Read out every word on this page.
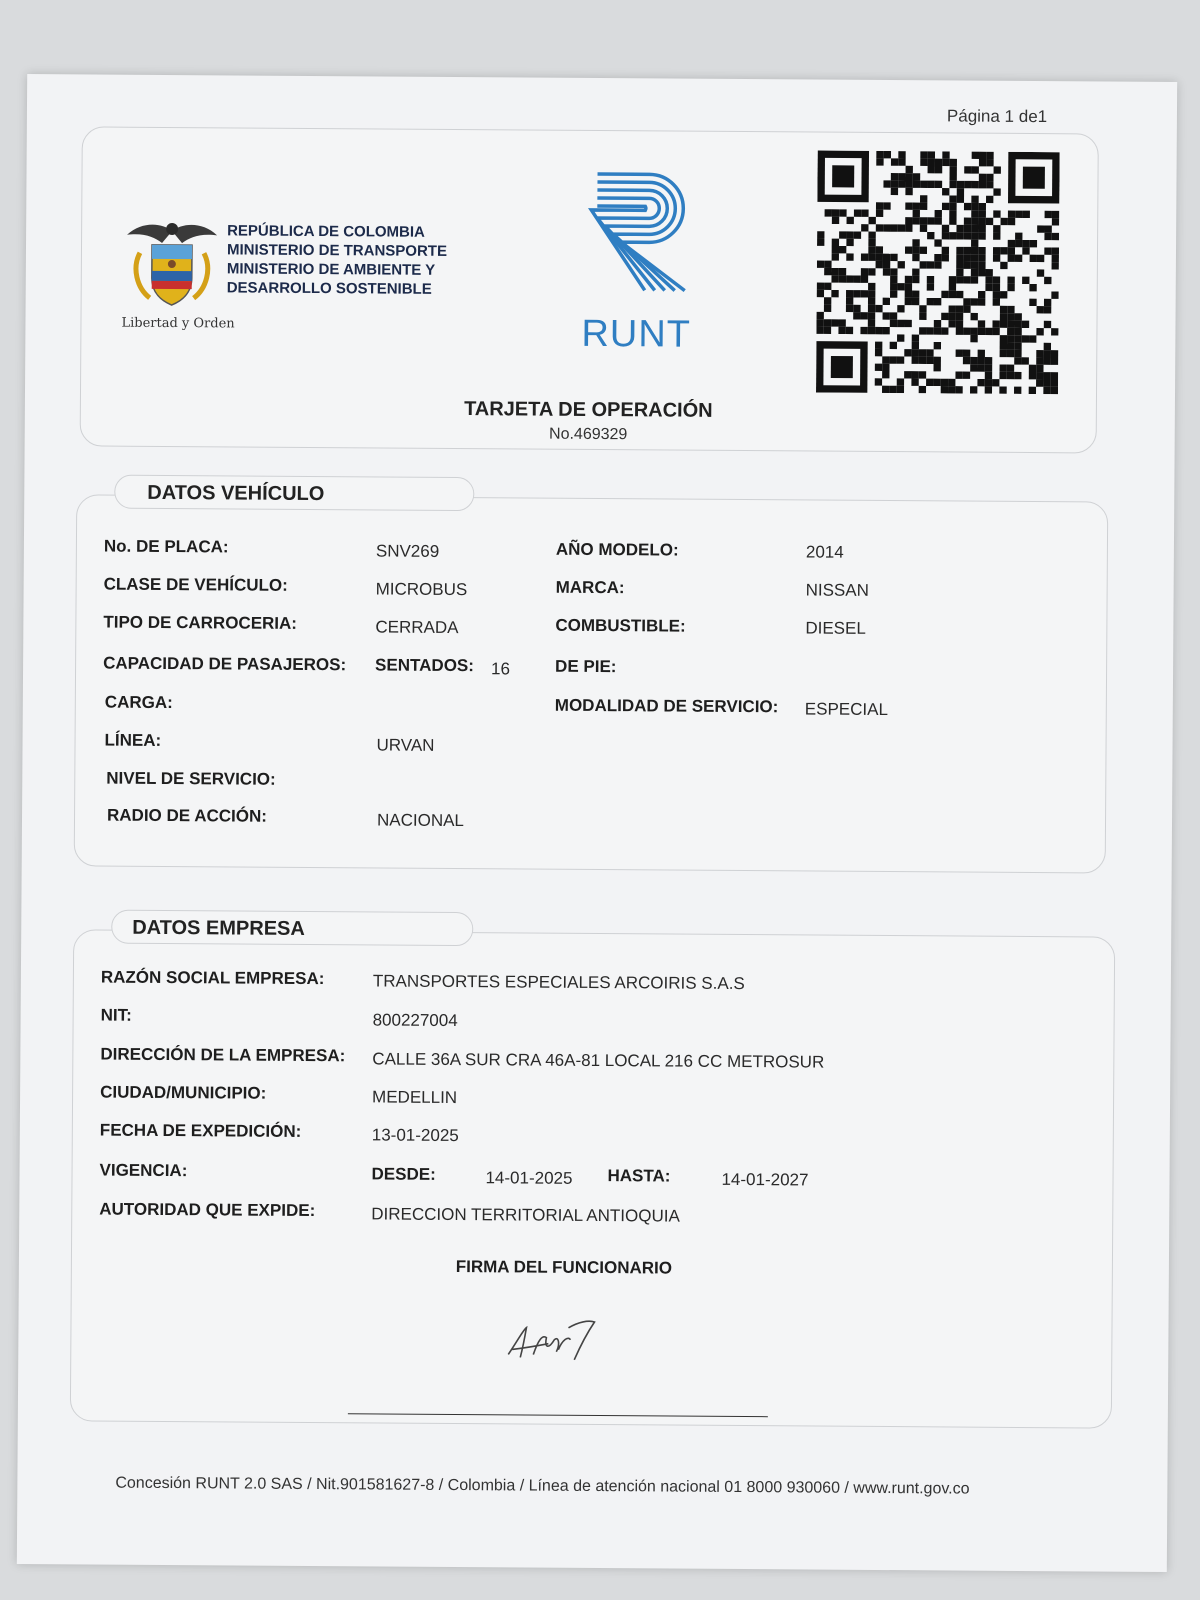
Página 1 de1
Libertad y Orden
REPÚBLICA DE COLOMBIA
MINISTERIO DE TRANSPORTE
MINISTERIO DE AMBIENTE Y
DESARROLLO SOSTENIBLE
RUNT
TARJETA DE OPERACIÓN
No.469329
DATOS VEHÍCULO
No. DE PLACA:	SNV269	AÑO MODELO:	2014
CLASE DE VEHÍCULO:	MICROBUS	MARCA:	NISSAN
TIPO DE CARROCERIA:	CERRADA	COMBUSTIBLE:	DIESEL
CAPACIDAD DE PASAJEROS: SENTADOS: 16	DE PIE:
CARGA:	MODALIDAD DE SERVICIO: ESPECIAL
LÍNEA:	URVAN
NIVEL DE SERVICIO:
RADIO DE ACCIÓN:	NACIONAL
DATOS EMPRESA
RAZÓN SOCIAL EMPRESA:	TRANSPORTES ESPECIALES ARCOIRIS S.A.S
NIT:	800227004
DIRECCIÓN DE LA EMPRESA: CALLE 36A SUR CRA 46A-81 LOCAL 216 CC METROSUR
CIUDAD/MUNICIPIO:	MEDELLIN
FECHA DE EXPEDICIÓN:	13-01-2025
VIGENCIA:	DESDE:	14-01-2025 HASTA:	14-01-2027
AUTORIDAD QUE EXPIDE:	DIRECCION TERRITORIAL ANTIOQUIA
FIRMA DEL FUNCIONARIO
Concesión RUNT 2.0 SAS / Nit.901581627-8 / Colombia / Línea de atención nacional 01 8000 930060 / www.runt.gov.co
